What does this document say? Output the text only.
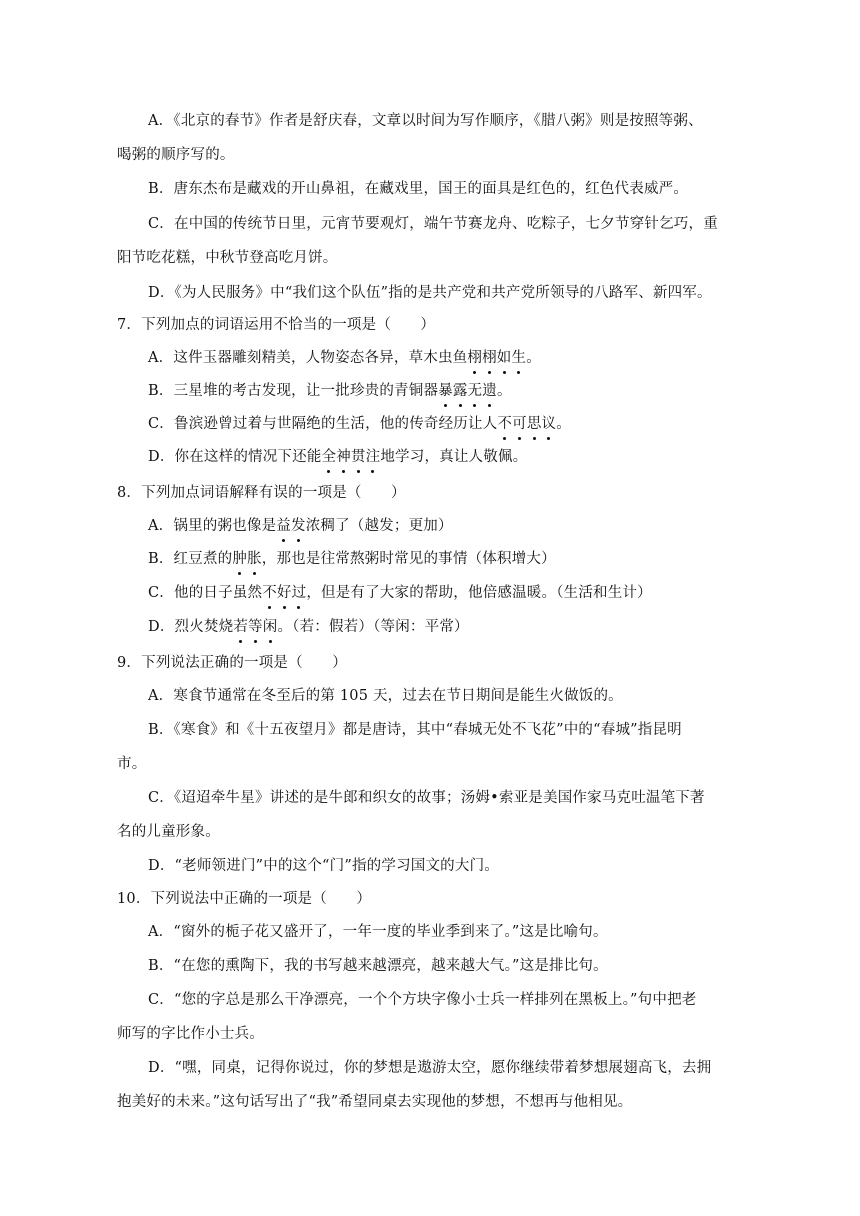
A．《北京的春节》作者是舒庆春，文章以时间为写作顺序，《腊八粥》则是按照等粥、
喝粥的顺序写的。
B．唐东杰布是藏戏的开山鼻祖，在藏戏里，国王的面具是红色的，红色代表威严。
C．在中国的传统节日里，元宵节要观灯，端午节赛龙舟、吃粽子，七夕节穿针乞巧，重
阳节吃花糕，中秋节登高吃月饼。
D．《为人民服务》中“我们这个队伍”指的是共产党和共产党所领导的八路军、新四军。
7．下列加点的词语运用不恰当的一项是（　　）
A．这件玉器雕刻精美，人物姿态各异，草木虫鱼栩栩如生。
B．三星堆的考古发现，让一批珍贵的青铜器暴露无遗。
C．鲁滨逊曾过着与世隔绝的生活，他的传奇经历让人不可思议。
D．你在这样的情况下还能全神贯注地学习，真让人敬佩。
8．下列加点词语解释有误的一项是（　　）
A．锅里的粥也像是益发浓稠了（越发；更加）
B．红豆煮的肿胀，那也是往常熬粥时常见的事情（体积增大）
C．他的日子虽然不好过，但是有了大家的帮助，他倍感温暖。（生活和生计）
D．烈火焚烧若等闲。（若：假若）（等闲：平常）
9．下列说法正确的一项是（　　）
A．寒食节通常在冬至后的第 105 天，过去在节日期间是能生火做饭的。
B．《寒食》和《十五夜望月》都是唐诗，其中“春城无处不飞花”中的“春城”指昆明
市。
C．《迢迢牵牛星》讲述的是牛郎和织女的故事；汤姆•索亚是美国作家马克吐温笔下著
名的儿童形象。
D．“老师领进门”中的这个“门”指的学习国文的大门。
10．下列说法中正确的一项是（　　）
A．“窗外的栀子花又盛开了，一年一度的毕业季到来了。”这是比喻句。
B．“在您的熏陶下，我的书写越来越漂亮，越来越大气。”这是排比句。
C．“您的字总是那么干净漂亮，一个个方块字像小士兵一样排列在黑板上。”句中把老
师写的字比作小士兵。
D．“嘿，同桌，记得你说过，你的梦想是遨游太空，愿你继续带着梦想展翅高飞，去拥
抱美好的未来。”这句话写出了“我”希望同桌去实现他的梦想，不想再与他相见。
